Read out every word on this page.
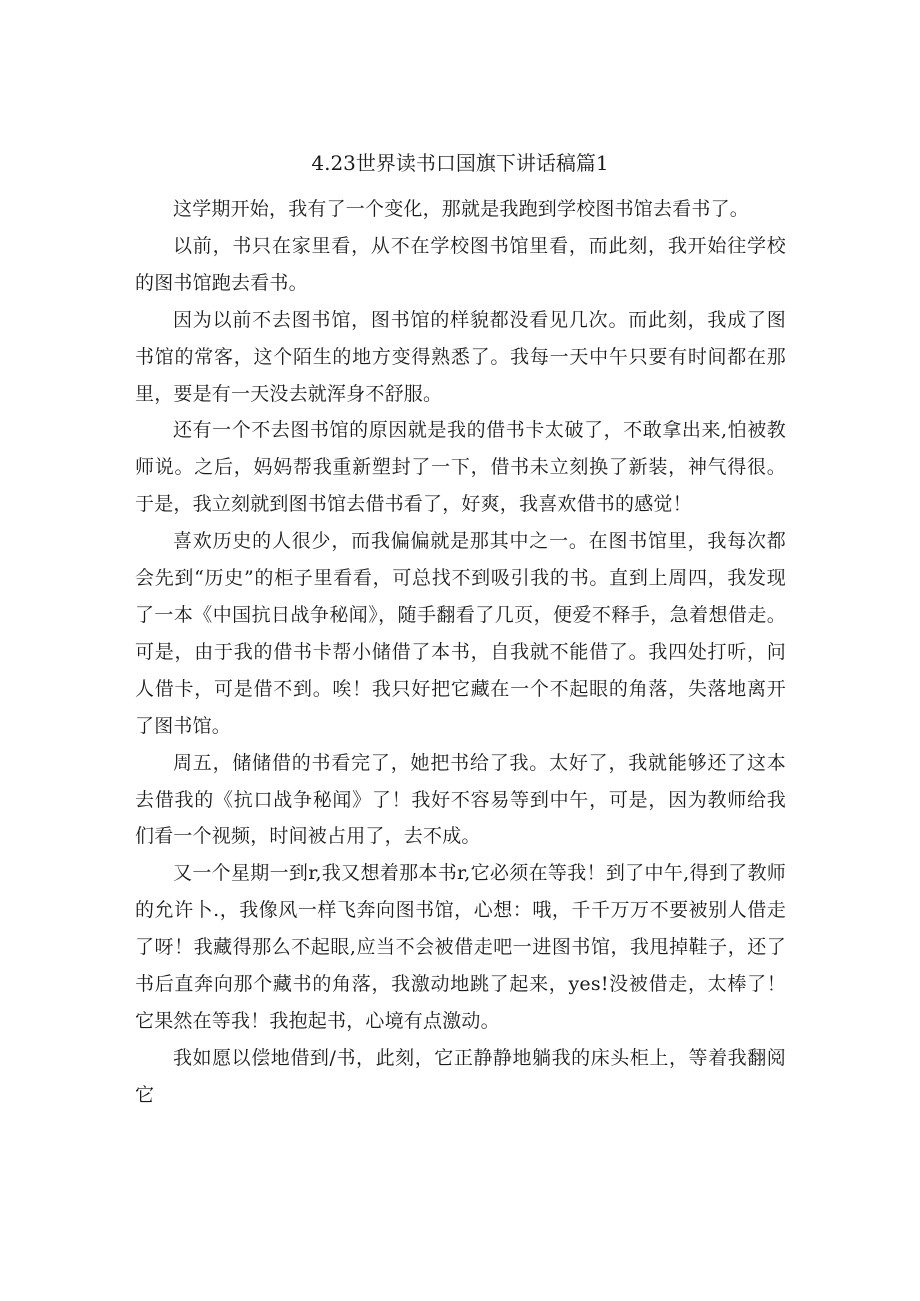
4.23世界读书口国旗下讲话稿篇1

这学期开始，我有了一个变化，那就是我跑到学校图书馆去看书了。

以前，书只在家里看，从不在学校图书馆里看，而此刻，我开始往学校的图书馆跑去看书。

因为以前不去图书馆，图书馆的样貌都没看见几次。而此刻，我成了图书馆的常客，这个陌生的地方变得熟悉了。我每一天中午只要有时间都在那里，要是有一天没去就浑身不舒服。

还有一个不去图书馆的原因就是我的借书卡太破了，不敢拿出来,怕被教师说。之后，妈妈帮我重新塑封了一下，借书未立刻换了新装，神气得很。于是，我立刻就到图书馆去借书看了，好爽，我喜欢借书的感觉！

喜欢历史的人很少，而我偏偏就是那其中之一。在图书馆里，我每次都会先到“历史”的柜子里看看，可总找不到吸引我的书。直到上周四，我发现了一本《中国抗日战争秘闻》，随手翻看了几页，便爱不释手，急着想借走。可是，由于我的借书卡帮小储借了本书，自我就不能借了。我四处打听，问人借卡，可是借不到。唉！我只好把它藏在一个不起眼的角落，失落地离开了图书馆。

周五，储储借的书看完了，她把书给了我。太好了，我就能够还了这本去借我的《抗口战争秘闻》了！我好不容易等到中午，可是，因为教师给我们看一个视频，时间被占用了，去不成。

又一个星期一到r,我又想着那本书r,它必须在等我！到了中午,得到了教师的允许卜.，我像风一样飞奔向图书馆，心想：哦，千千万万不要被别人借走了呀！我藏得那么不起眼,应当不会被借走吧一进图书馆，我甩掉鞋子，还了书后直奔向那个藏书的角落，我激动地跳了起来，yes!没被借走，太棒了！它果然在等我！我抱起书，心境有点激动。

我如愿以偿地借到/书，此刻，它正静静地躺我的床头柜上，等着我翻阅它
